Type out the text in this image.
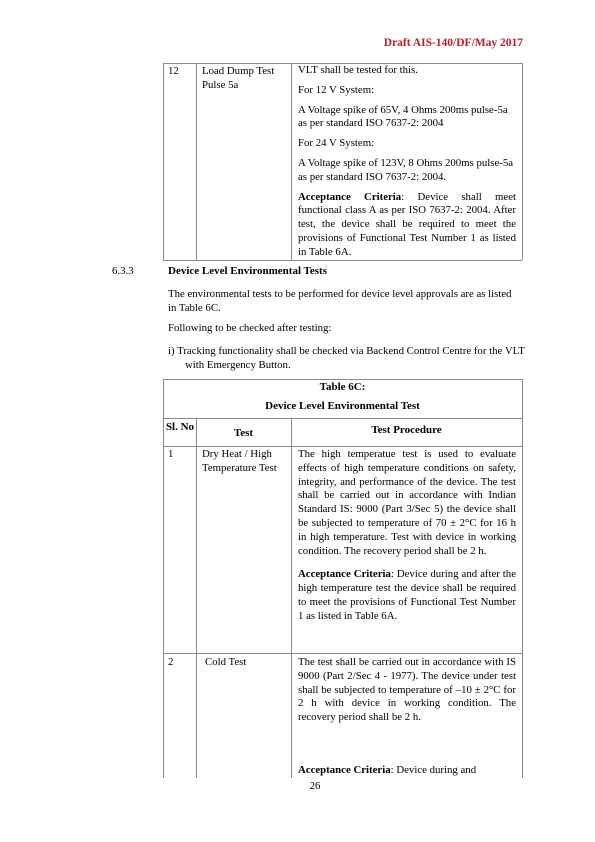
Draft AIS-140/DF/May 2017
12 Load Dump Test Pulse 5a
VLT shall be tested for this.
For 12 V System:
A Voltage spike of 65V, 4 Ohms 200ms pulse-5a as per standard ISO 7637-2: 2004
For 24 V System:
A Voltage spike of 123V, 8 Ohms 200ms pulse-5a as per standard ISO 7637-2: 2004.
Acceptance Criteria: Device shall meet functional class A as per ISO 7637-2: 2004. After test, the device shall be required to meet the provisions of Functional Test Number 1 as listed in Table 6A.
6.3.3	Device Level Environmental Tests
The environmental tests to be performed for device level approvals are as listed in Table 6C.
Following to be checked after testing:
i) Tracking functionality shall be checked via Backend Control Centre for the VLT with Emergency Button.
Table 6C:
Device Level Environmental Test
Sl. No	Test	Test Procedure
1	Dry Heat / High Temperature Test
The high temperatue test is used to evaluate effects of high temperature conditions on safety, integrity, and performance of the device. The test shall be carried out in accordance with Indian Standard IS: 9000 (Part 3/Sec 5) the device shall be subjected to temperature of 70 ± 2°C for 16 h in high temperature. Test with device in working condition. The recovery period shall be 2 h.
Acceptance Criteria: Device during and after the high temperature test the device shall be required to meet the provisions of Functional Test Number 1 as listed in Table 6A.
2	Cold Test	The test shall be carried out in accordance with IS 9000 (Part 2/Sec 4 - 1977). The device under test shall be subjected to temperature of –10 ± 2°C for 2 h with device in working condition. The recovery period shall be 2 h.
Acceptance Criteria: Device during and
26
